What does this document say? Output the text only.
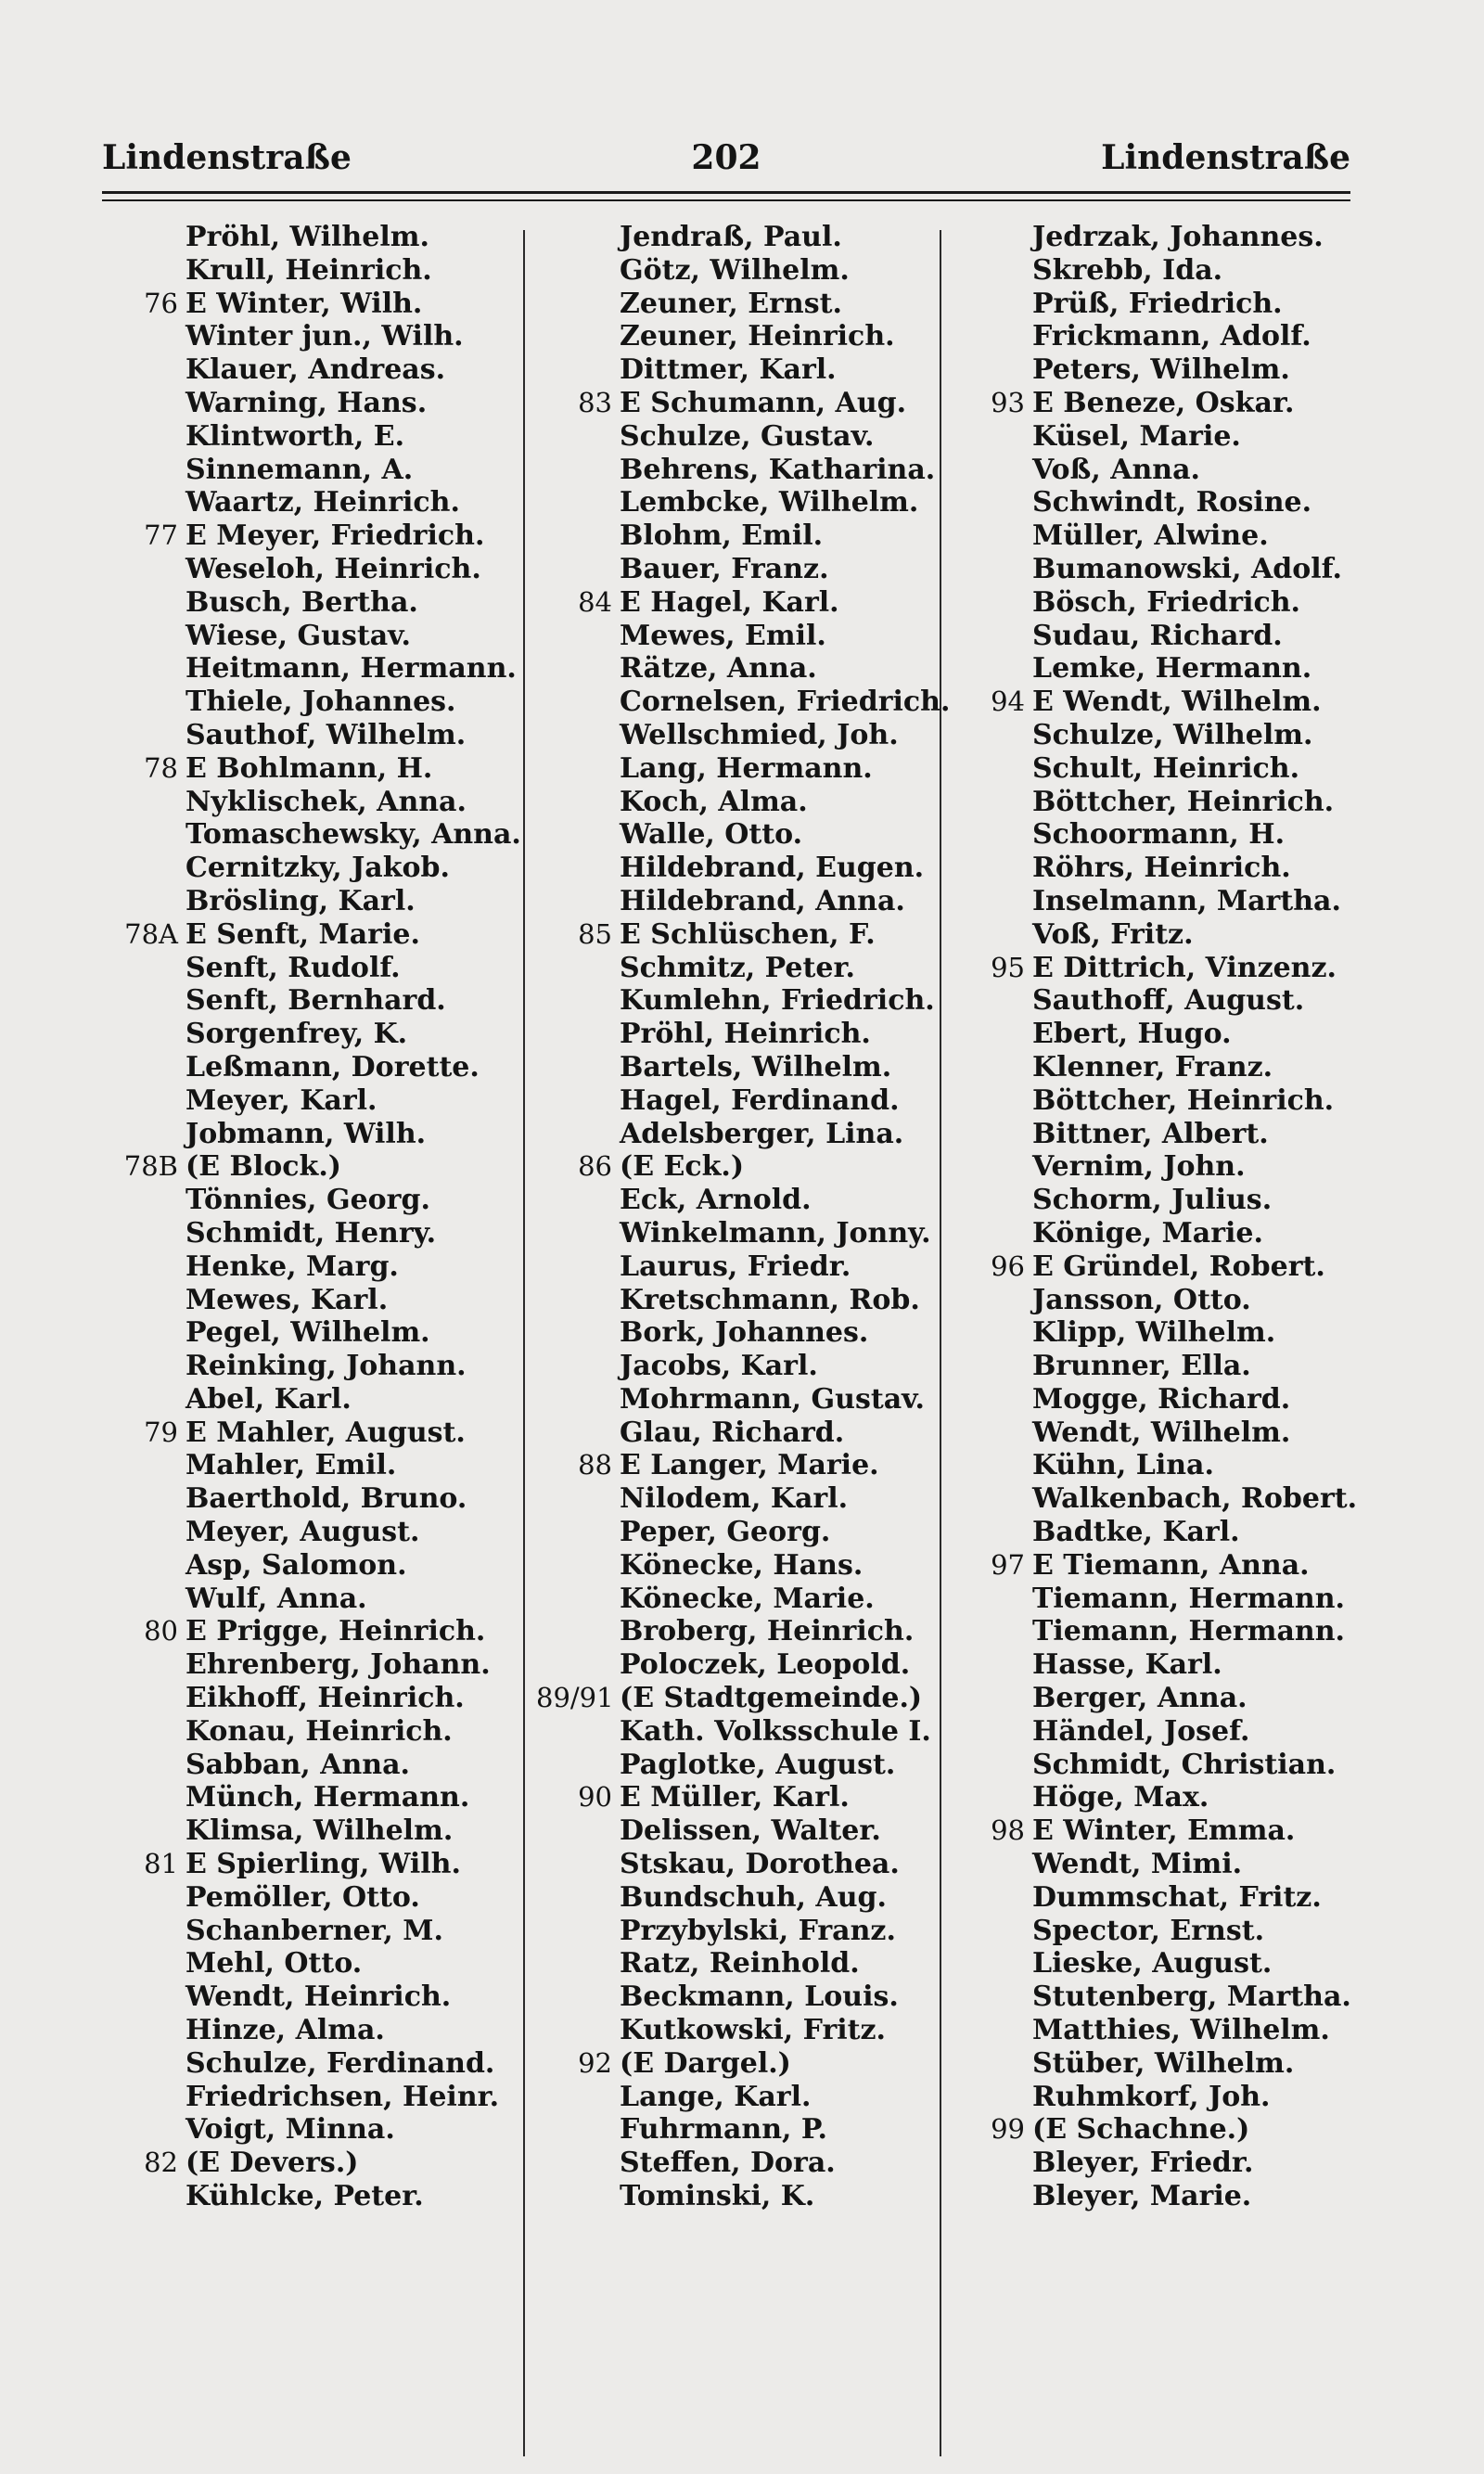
Lindenstraße	202	Lindenstraße
Pröhl, Wilhelm.
Krull, Heinrich.
76 E Winter, Wilh.
Winter jun., Wilh.
Klauer, Andreas.
Warning, Hans.
Klintworth, E.
Sinnemann, A.
Waartz, Heinrich.
77 E Meyer, Friedrich.
Weseloh, Heinrich.
Busch, Bertha.
Wiese, Gustav.
Heitmann, Hermann.
Thiele, Johannes.
Sauthof, Wilhelm.
78 E Bohlmann, H.
Nyklischek, Anna.
Tomaschewsky, Anna.
Cernitzky, Jakob.
Brösling, Karl.
78A E Senft, Marie.
Senft, Rudolf.
Senft, Bernhard.
Sorgenfrey, K.
Leßmann, Dorette.
Meyer, Karl.
Jobmann, Wilh.
78B (E Block.)
Tönnies, Georg.
Schmidt, Henry.
Henke, Marg.
Mewes, Karl.
Pegel, Wilhelm.
Reinking, Johann.
Abel, Karl.
79 E Mahler, August.
Mahler, Emil.
Baerthold, Bruno.
Meyer, August.
Asp, Salomon.
Wulf, Anna.
80 E Prigge, Heinrich.
Ehrenberg, Johann.
Eikhoff, Heinrich.
Konau, Heinrich.
Sabban, Anna.
Münch, Hermann.
Klimsa, Wilhelm.
81 E Spierling, Wilh.
Pemöller, Otto.
Schanberner, M.
Mehl, Otto.
Wendt, Heinrich.
Hinze, Alma.
Schulze, Ferdinand.
Friedrichsen, Heinr.
Voigt, Minna.
82 (E Devers.)
Kühlcke, Peter.
Jendraß, Paul.
Götz, Wilhelm.
Zeuner, Ernst.
Zeuner, Heinrich.
Dittmer, Karl.
83 E Schumann, Aug.
Schulze, Gustav.
Behrens, Katharina.
Lembcke, Wilhelm.
Blohm, Emil.
Bauer, Franz.
84 E Hagel, Karl.
Mewes, Emil.
Rätze, Anna.
Cornelsen, Friedrich.
Wellschmied, Joh.
Lang, Hermann.
Koch, Alma.
Walle, Otto.
Hildebrand, Eugen.
Hildebrand, Anna.
85 E Schlüschen, F.
Schmitz, Peter.
Kumlehn, Friedrich.
Pröhl, Heinrich.
Bartels, Wilhelm.
Hagel, Ferdinand.
Adelsberger, Lina.
86 (E Eck.)
Eck, Arnold.
Winkelmann, Jonny.
Laurus, Friedr.
Kretschmann, Rob.
Bork, Johannes.
Jacobs, Karl.
Mohrmann, Gustav.
Glau, Richard.
88 E Langer, Marie.
Nilodem, Karl.
Peper, Georg.
Könecke, Hans.
Könecke, Marie.
Broberg, Heinrich.
Poloczek, Leopold.
89/91 (E Stadtgemeinde.)
Kath. Volksschule I.
Paglotke, August.
90 E Müller, Karl.
Delissen, Walter.
Stskau, Dorothea.
Bundschuh, Aug.
Przybylski, Franz.
Ratz, Reinhold.
Beckmann, Louis.
Kutkowski, Fritz.
92 (E Dargel.)
Lange, Karl.
Fuhrmann, P.
Steffen, Dora.
Tominski, K.
Jedrzak, Johannes.
Skrebb, Ida.
Prüß, Friedrich.
Frickmann, Adolf.
Peters, Wilhelm.
93 E Beneze, Oskar.
Küsel, Marie.
Voß, Anna.
Schwindt, Rosine.
Müller, Alwine.
Bumanowski, Adolf.
Bösch, Friedrich.
Sudau, Richard.
Lemke, Hermann.
94 E Wendt, Wilhelm.
Schulze, Wilhelm.
Schult, Heinrich.
Böttcher, Heinrich.
Schoormann, H.
Röhrs, Heinrich.
Inselmann, Martha.
Voß, Fritz.
95 E Dittrich, Vinzenz.
Sauthoff, August.
Ebert, Hugo.
Klenner, Franz.
Böttcher, Heinrich.
Bittner, Albert.
Vernim, John.
Schorm, Julius.
Könige, Marie.
96 E Gründel, Robert.
Jansson, Otto.
Klipp, Wilhelm.
Brunner, Ella.
Mogge, Richard.
Wendt, Wilhelm.
Kühn, Lina.
Walkenbach, Robert.
Badtke, Karl.
97 E Tiemann, Anna.
Tiemann, Hermann.
Tiemann, Hermann.
Hasse, Karl.
Berger, Anna.
Händel, Josef.
Schmidt, Christian.
Höge, Max.
98 E Winter, Emma.
Wendt, Mimi.
Dummschat, Fritz.
Spector, Ernst.
Lieske, August.
Stutenberg, Martha.
Matthies, Wilhelm.
Stüber, Wilhelm.
Ruhmkorf, Joh.
99 (E Schachne.)
Bleyer, Friedr.
Bleyer, Marie.
